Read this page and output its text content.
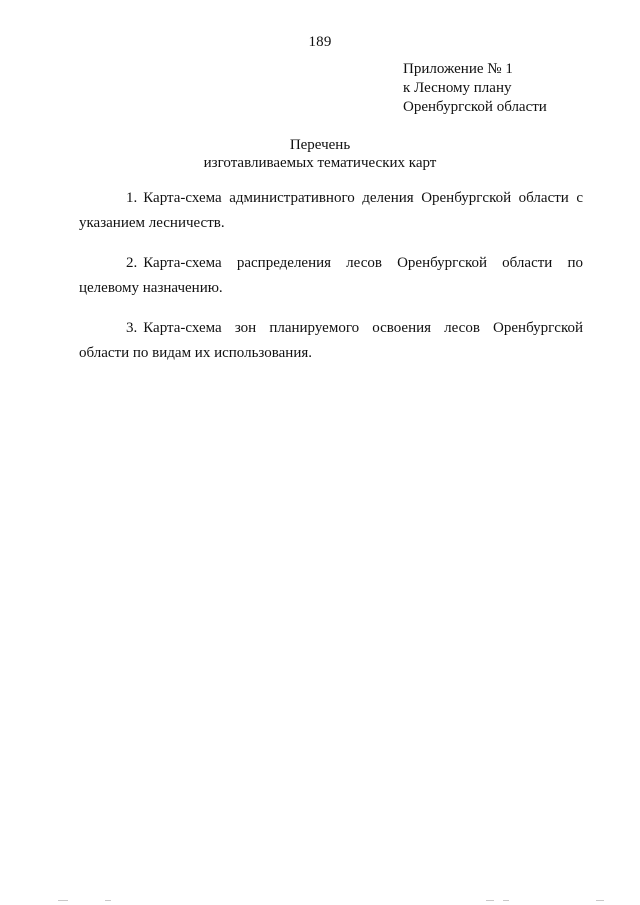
189
Приложение № 1
к Лесному плану
Оренбургской области
Перечень
изготавливаемых тематических карт

1. Карта-схема административного деления Оренбургской области с указанием лесничеств.

2. Карта-схема распределения лесов Оренбургской области по целевому назначению.

3. Карта-схема зон планируемого освоения лесов Оренбургской области по видам их использования.
